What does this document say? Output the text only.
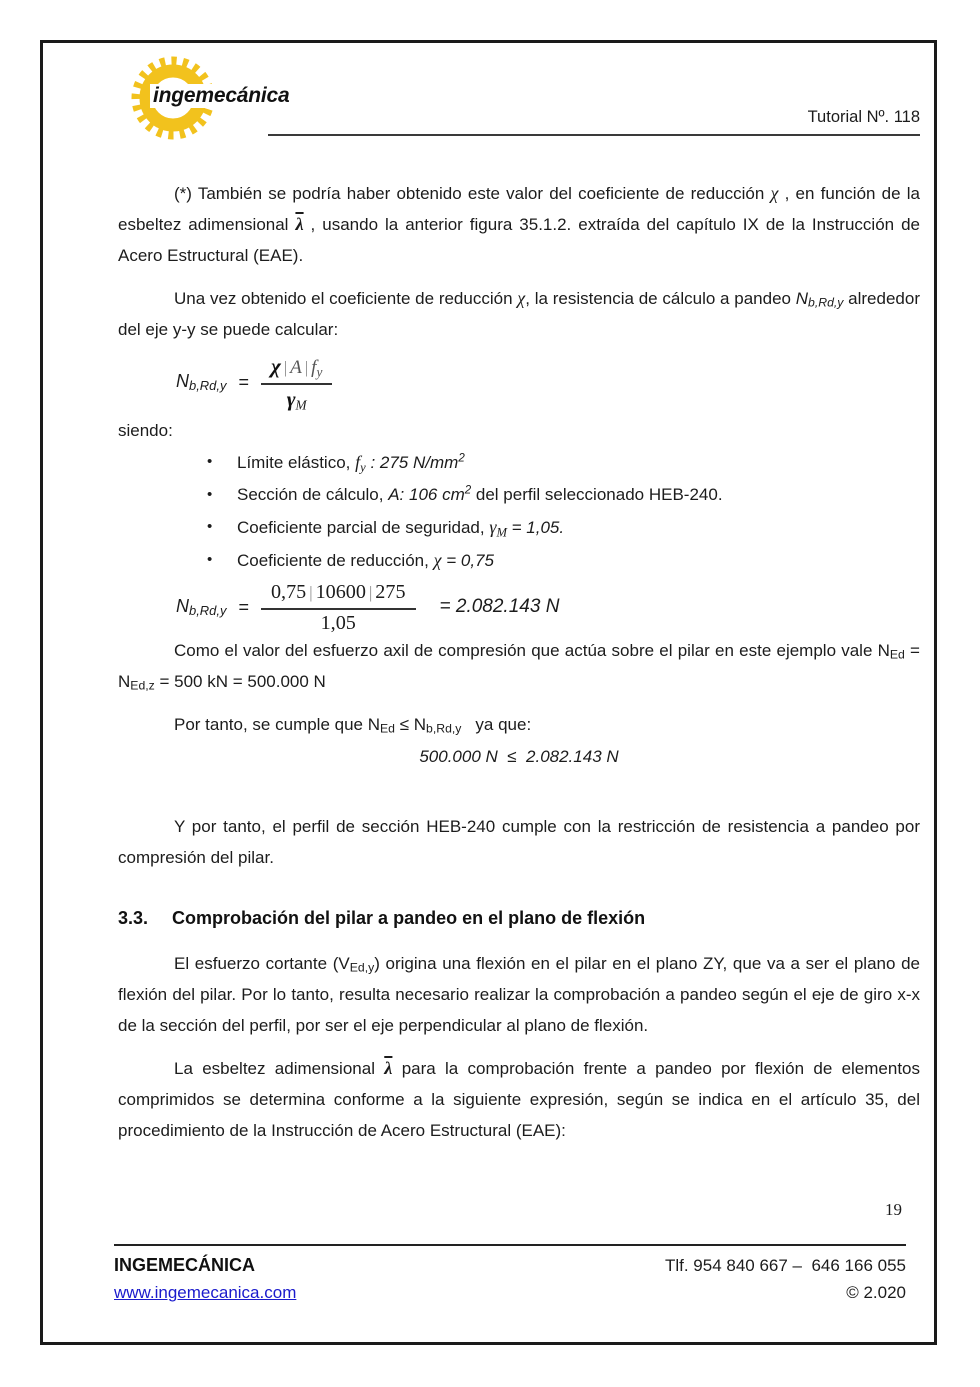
ingemecánica
Tutorial Nº. 118

(*) También se podría haber obtenido este valor del coeficiente de reducción χ , en función de la esbeltez adimensional $\overline{\lambda}$ , usando la anterior figura 35.1.2. extraída del capítulo IX de la Instrucción de Acero Estructural (EAE).

Una vez obtenido el coeficiente de reducción χ, la resistencia de cálculo a pandeo Nb,Rd,y alrededor del eje y-y se puede calcular:

$Nb,Rd,y = \frac{\chi | A | f_y}{\gamma_M}$
siendo:
• Límite elástico, $f_y$ : 275 $N/mm^2$
• Sección de cálculo, A: 106 $cm^2$ del perfil seleccionado HEB-240.
• Coeficiente parcial de seguridad, $\gamma_M = 1,05$.
• Coeficiente de reducción, χ = 0,75
$Nb,Rd,y = \frac{0,75 | 10600 | 275}{1,05} = 2.082.143$ N

Como el valor del esfuerzo axil de compresión que actúa sobre el pilar en este ejemplo vale NEd = NEd,z = 500 kN = 500.000 N

Por tanto, se cumple que NEd ≤ Nb,Rd,y ya que:

500.000 N  ≤  2.082.143 N

Y por tanto, el perfil de sección HEB-240 cumple con la restricción de resistencia a pandeo por compresión del pilar.

3.3. Comprobación del pilar a pandeo en el plano de flexión

El esfuerzo cortante (VEd,y) origina una flexión en el pilar en el plano ZY, que va a ser el plano de flexión del pilar. Por lo tanto, resulta necesario realizar la comprobación a pandeo según el eje de giro x-x de la sección del perfil, por ser el eje perpendicular al plano de flexión.

La esbeltez adimensional $\overline{\lambda}$ para la comprobación frente a pandeo por flexión de elementos comprimidos se determina conforme a la siguiente expresión, según se indica en el artículo 35, del procedimiento de la Instrucción de Acero Estructural (EAE):

19
INGEMECÁNICA
www.ingemecanica.com
Tlf. 954 840 667 –  646 166 055
© 2.020
